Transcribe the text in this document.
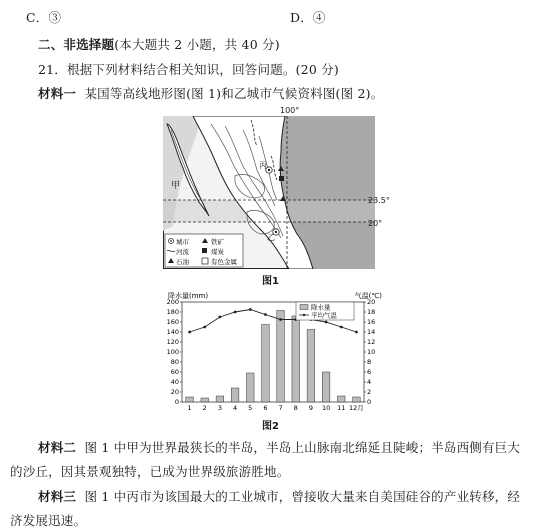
C．③	D．④
二、非选择题(本大题共 2 小题，共 40 分)
21．根据下列材料结合相关知识，回答问题。(20 分)
材料一 某国等高线地形图(图 1)和乙城市气候资料图(图 2)。
甲
丙
乙
城市	铁矿
河流	煤炭
石油	有色金属
100°
23.5°
20°
图1
降水量(mm)	气温(℃)
200
180
160
140
120
100
80
60
40
20
0
20
18
16
14
12
10
8
6
4
2
0
1 2 3 4 5 6 7 8 9 10 11 12月
降水量
平均气温
图2
材料二 图 1 中甲为世界最狭长的半岛，半岛上山脉南北绵延且陡峻；半岛西侧有巨大
的沙丘，因其景观独特，已成为世界级旅游胜地。
材料三 图 1 中丙市为该国最大的工业城市，曾接收大量来自美国硅谷的产业转移，经
济发展迅速。
